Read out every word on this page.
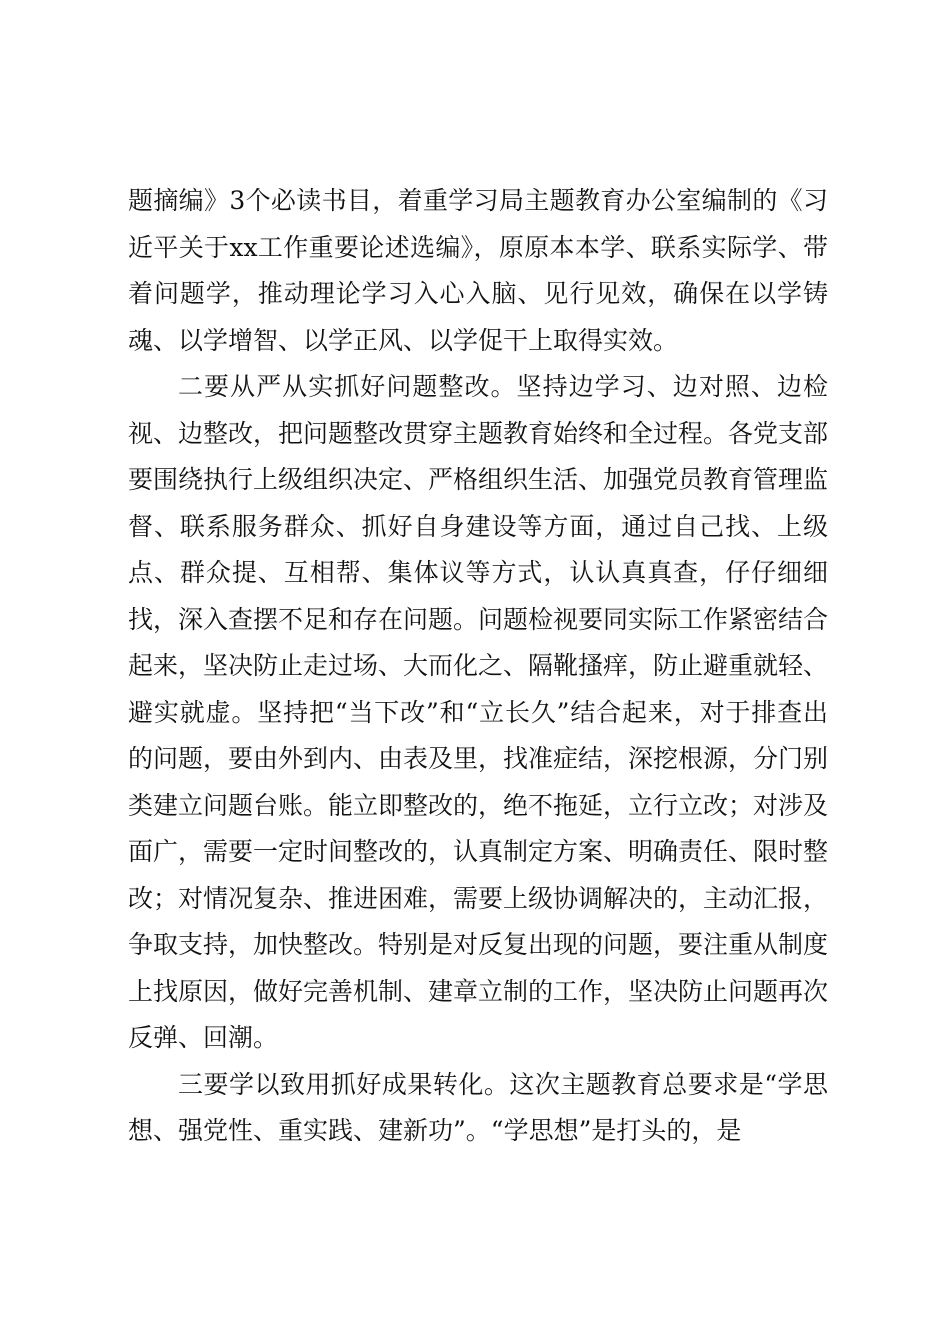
题摘编》3个必读书目，着重学习局主题教育办公室编制的《习近平关于xx工作重要论述选编》，原原本本学、联系实际学、带着问题学，推动理论学习入心入脑、见行见效，确保在以学铸魂、以学增智、以学正风、以学促干上取得实效。

二要从严从实抓好问题整改。坚持边学习、边对照、边检视、边整改，把问题整改贯穿主题教育始终和全过程。各党支部要围绕执行上级组织决定、严格组织生活、加强党员教育管理监督、联系服务群众、抓好自身建设等方面，通过自己找、上级点、群众提、互相帮、集体议等方式，认认真真查，仔仔细细找，深入查摆不足和存在问题。问题检视要同实际工作紧密结合起来，坚决防止走过场、大而化之、隔靴搔痒，防止避重就轻、避实就虚。坚持把“当下改”和“立长久”结合起来，对于排查出的问题，要由外到内、由表及里，找准症结，深挖根源，分门别类建立问题台账。能立即整改的，绝不拖延，立行立改；对涉及面广，需要一定时间整改的，认真制定方案、明确责任、限时整改；对情况复杂、推进困难，需要上级协调解决的，主动汇报，争取支持，加快整改。特别是对反复出现的问题，要注重从制度上找原因，做好完善机制、建章立制的工作，坚决防止问题再次反弹、回潮。

三要学以致用抓好成果转化。这次主题教育总要求是“学思想、强党性、重实践、建新功”。“学思想”是打头的，是
